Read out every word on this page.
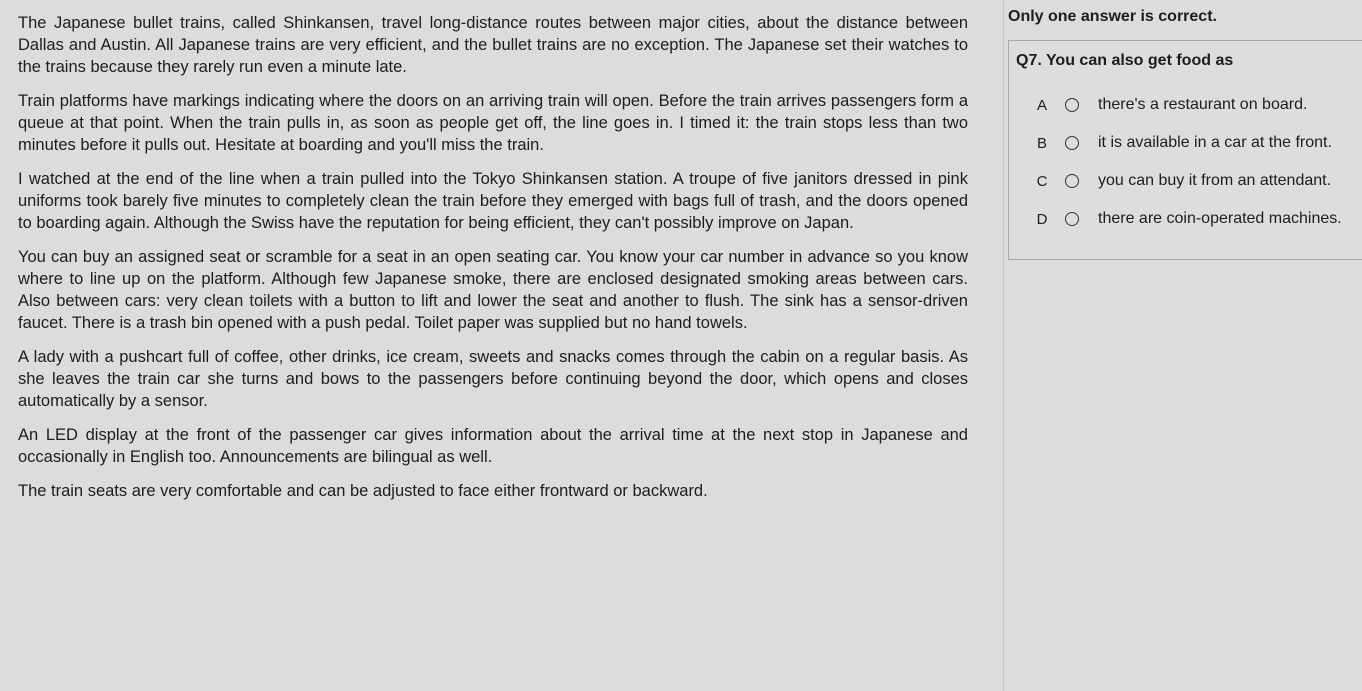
The Japanese bullet trains, called Shinkansen, travel long-distance routes between major cities, about the distance between Dallas and Austin. All Japanese trains are very efficient, and the bullet trains are no exception. The Japanese set their watches to the trains because they rarely run even a minute late.

Train platforms have markings indicating where the doors on an arriving train will open. Before the train arrives passengers form a queue at that point. When the train pulls in, as soon as people get off, the line goes in. I timed it: the train stops less than two minutes before it pulls out. Hesitate at boarding and you'll miss the train.

I watched at the end of the line when a train pulled into the Tokyo Shinkansen station. A troupe of five janitors dressed in pink uniforms took barely five minutes to completely clean the train before they emerged with bags full of trash, and the doors opened to boarding again. Although the Swiss have the reputation for being efficient, they can't possibly improve on Japan.

You can buy an assigned seat or scramble for a seat in an open seating car. You know your car number in advance so you know where to line up on the platform. Although few Japanese smoke, there are enclosed designated smoking areas between cars. Also between cars: very clean toilets with a button to lift and lower the seat and another to flush. The sink has a sensor-driven faucet. There is a trash bin opened with a push pedal. Toilet paper was supplied but no hand towels.

A lady with a pushcart full of coffee, other drinks, ice cream, sweets and snacks comes through the cabin on a regular basis. As she leaves the train car she turns and bows to the passengers before continuing beyond the door, which opens and closes automatically by a sensor.

An LED display at the front of the passenger car gives information about the arrival time at the next stop in Japanese and occasionally in English too. Announcements are bilingual as well.

The train seats are very comfortable and can be adjusted to face either frontward or backward.

Only one answer is correct.
Q7. You can also get food as
A	there's a restaurant on board.
B	it is available in a car at the front.
C	you can buy it from an attendant.
D	there are coin-operated machines.
